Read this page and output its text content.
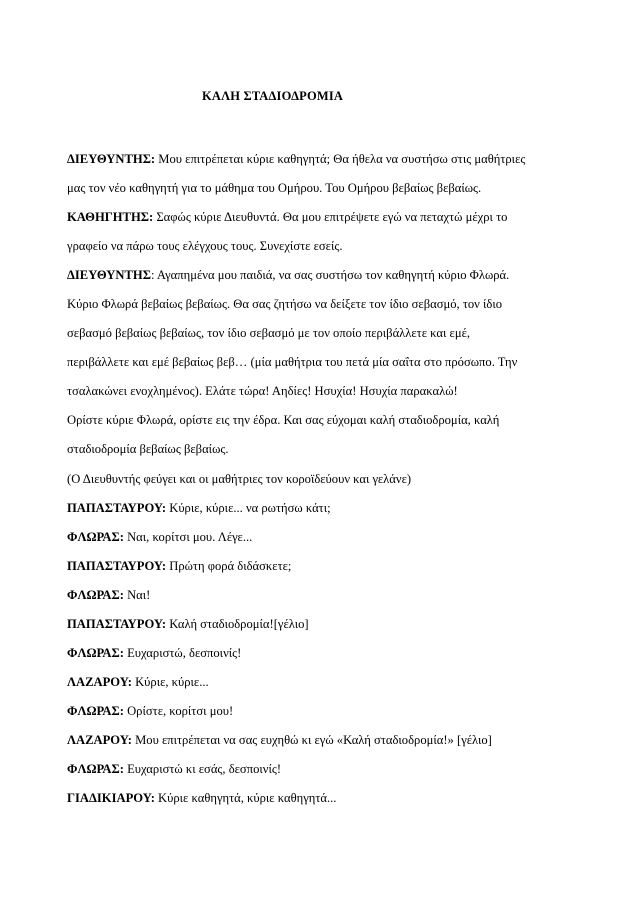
ΚΑΛΗ ΣΤΑΔΙΟΔΡΟΜΙΑ
ΔΙΕΥΘΥΝΤΗΣ: Μου επιτρέπεται κύριε καθηγητά; Θα ήθελα να συστήσω στις μαθήτριες
μας τον νέο καθηγητή για το μάθημα του Ομήρου. Του Ομήρου βεβαίως βεβαίως.
ΚΑΘΗΓΗΤΗΣ: Σαφώς κύριε Διευθυντά. Θα μου επιτρέψετε εγώ να πεταχτώ μέχρι το
γραφείο να πάρω τους ελέγχους τους. Συνεχίστε εσείς.
ΔΙΕΥΘΥΝΤΗΣ: Αγαπημένα μου παιδιά, να σας συστήσω τον καθηγητή κύριο Φλωρά.
Κύριο Φλωρά βεβαίως βεβαίως. Θα σας ζητήσω να δείξετε τον ίδιο σεβασμό, τον ίδιο
σεβασμό βεβαίως βεβαίως, τον ίδιο σεβασμό με τον οποίο περιβάλλετε και εμέ,
περιβάλλετε και εμέ βεβαίως βεβ… (μία μαθήτρια του πετά μία σαΐτα στο πρόσωπο. Την
τσαλακώνει ενοχλημένος). Ελάτε τώρα! Αηδίες! Ησυχία! Ησυχία παρακαλώ!
Ορίστε κύριε Φλωρά, ορίστε εις την έδρα. Και σας εύχομαι καλή σταδιοδρομία, καλή
σταδιοδρομία βεβαίως βεβαίως.
(Ο Διευθυντής φεύγει και οι μαθήτριες τον κοροϊδεύουν και γελάνε)
ΠΑΠΑΣΤΑΥΡΟΥ: Κύριε, κύριε... να ρωτήσω κάτι;
ΦΛΩΡΑΣ: Ναι, κορίτσι μου. Λέγε...
ΠΑΠΑΣΤΑΥΡΟΥ: Πρώτη φορά διδάσκετε;
ΦΛΩΡΑΣ: Ναι!
ΠΑΠΑΣΤΑΥΡΟΥ: Καλή σταδιοδρομία![γέλιο]
ΦΛΩΡΑΣ: Ευχαριστώ, δεσποινίς!
ΛΑΖΑΡΟΥ: Κύριε, κύριε...
ΦΛΩΡΑΣ: Ορίστε, κορίτσι μου!
ΛΑΖΑΡΟΥ: Μου επιτρέπεται να σας ευχηθώ κι εγώ «Καλή σταδιοδρομία!» [γέλιο]
ΦΛΩΡΑΣ: Ευχαριστώ κι εσάς, δεσποινίς!
ΓΙΑΔΙΚΙΑΡΟΥ: Κύριε καθηγητά, κύριε καθηγητά...
